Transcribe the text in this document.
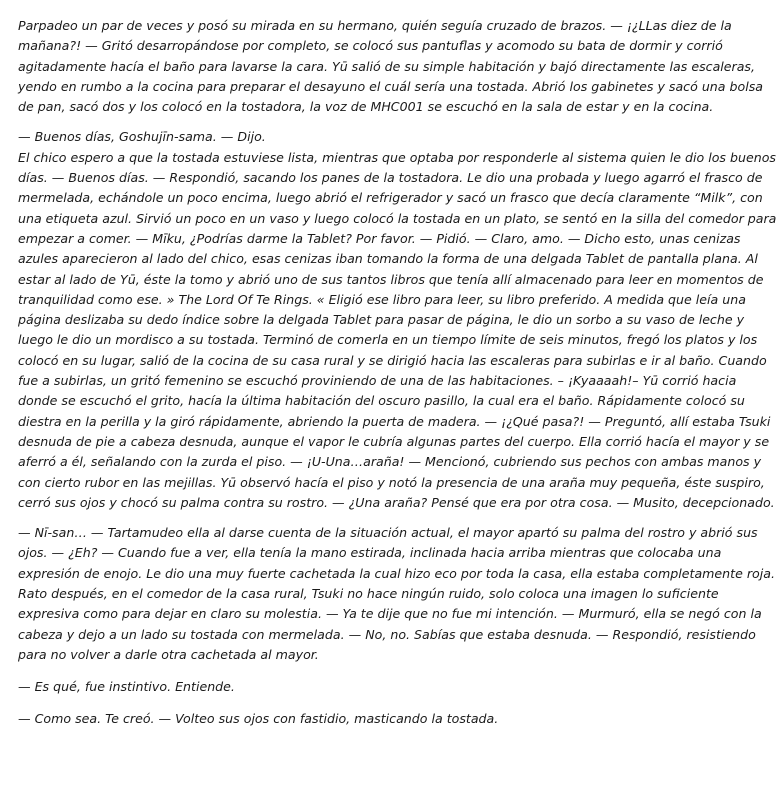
Parpadeo un par de veces y posó su mirada en su hermano, quién seguía cruzado de brazos. — ¡¿LLas diez de la mañana?! — Gritó desarropándose por completo, se colocó sus pantuflas y acomodo su bata de dormir y corrió agitadamente hacía el baño para lavarse la cara. Yū salió de su simple habitación y bajó directamente las escaleras, yendo en rumbo a la cocina para preparar el desayuno el cuál sería una tostada. Abrió los gabinetes y sacó una bolsa de pan, sacó dos y los colocó en la tostadora, la voz de MHC001 se escuchó en la sala de estar y en la cocina.

— Buenos días, Goshujīn-sama. — Dijo.
El chico espero a que la tostada estuviese lista, mientras que optaba por responderle al sistema quien le dio los buenos días. — Buenos días. — Respondió, sacando los panes de la tostadora. Le dio una probada y luego agarró el frasco de mermelada, echándole un poco encima, luego abrió el refrigerador y sacó un frasco que decía claramente “Milk”, con una etiqueta azul. Sirvió un poco en un vaso y luego colocó la tostada en un plato, se sentó en la silla del comedor para empezar a comer. — Mīku, ¿Podrías darme la Tablet? Por favor. — Pidió. — Claro, amo. — Dicho esto, unas cenizas azules aparecieron al lado del chico, esas cenizas iban tomando la forma de una delgada Tablet de pantalla plana. Al estar al lado de Yū, éste la tomo y abrió uno de sus tantos libros que tenía allí almacenado para leer en momentos de tranquilidad como ese. » The Lord Of Te Rings. « Eligió ese libro para leer, su libro preferido. A medida que leía una página deslizaba su dedo índice sobre la delgada Tablet para pasar de página, le dio un sorbo a su vaso de leche y luego le dio un mordisco a su tostada. Terminó de comerla en un tiempo límite de seis minutos, fregó los platos y los colocó en su lugar, salió de la cocina de su casa rural y se dirigió hacia las escaleras para subirlas e ir al baño. Cuando fue a subirlas, un gritó femenino se escuchó proviniendo de una de las habitaciones. – ¡Kyaaaah!– Yū corrió hacia donde se escuchó el grito, hacía la última habitación del oscuro pasillo, la cual era el baño. Rápidamente colocó su diestra en la perilla y la giró rápidamente, abriendo la puerta de madera. — ¡¿Qué pasa?! — Preguntó, allí estaba Tsuki desnuda de pie a cabeza desnuda, aunque el vapor le cubría algunas partes del cuerpo. Ella corrió hacía el mayor y se aferró a él, señalando con la zurda el piso. — ¡U-Una…araña! — Mencionó, cubriendo sus pechos con ambas manos y con cierto rubor en las mejillas. Yū observó hacía el piso y notó la presencia de una araña muy pequeña, éste suspiro, cerró sus ojos y chocó su palma contra su rostro. — ¿Una araña? Pensé que era por otra cosa. — Musito, decepcionado.

— Nī-san… — Tartamudeo ella al darse cuenta de la situación actual, el mayor apartó su palma del rostro y abrió sus ojos. — ¿Eh? — Cuando fue a ver, ella tenía la mano estirada, inclinada hacia arriba mientras que colocaba una expresión de enojo. Le dio una muy fuerte cachetada la cual hizo eco por toda la casa, ella estaba completamente roja. Rato después, en el comedor de la casa rural, Tsuki no hace ningún ruido, solo coloca una imagen lo suficiente expresiva como para dejar en claro su molestia. — Ya te dije que no fue mi intención. — Murmuró, ella se negó con la cabeza y dejo a un lado su tostada con mermelada. — No, no. Sabías que estaba desnuda. — Respondió, resistiendo para no volver a darle otra cachetada al mayor.

— Es qué, fue instintivo. Entiende.

— Como sea. Te creó. — Volteo sus ojos con fastidio, masticando la tostada.
